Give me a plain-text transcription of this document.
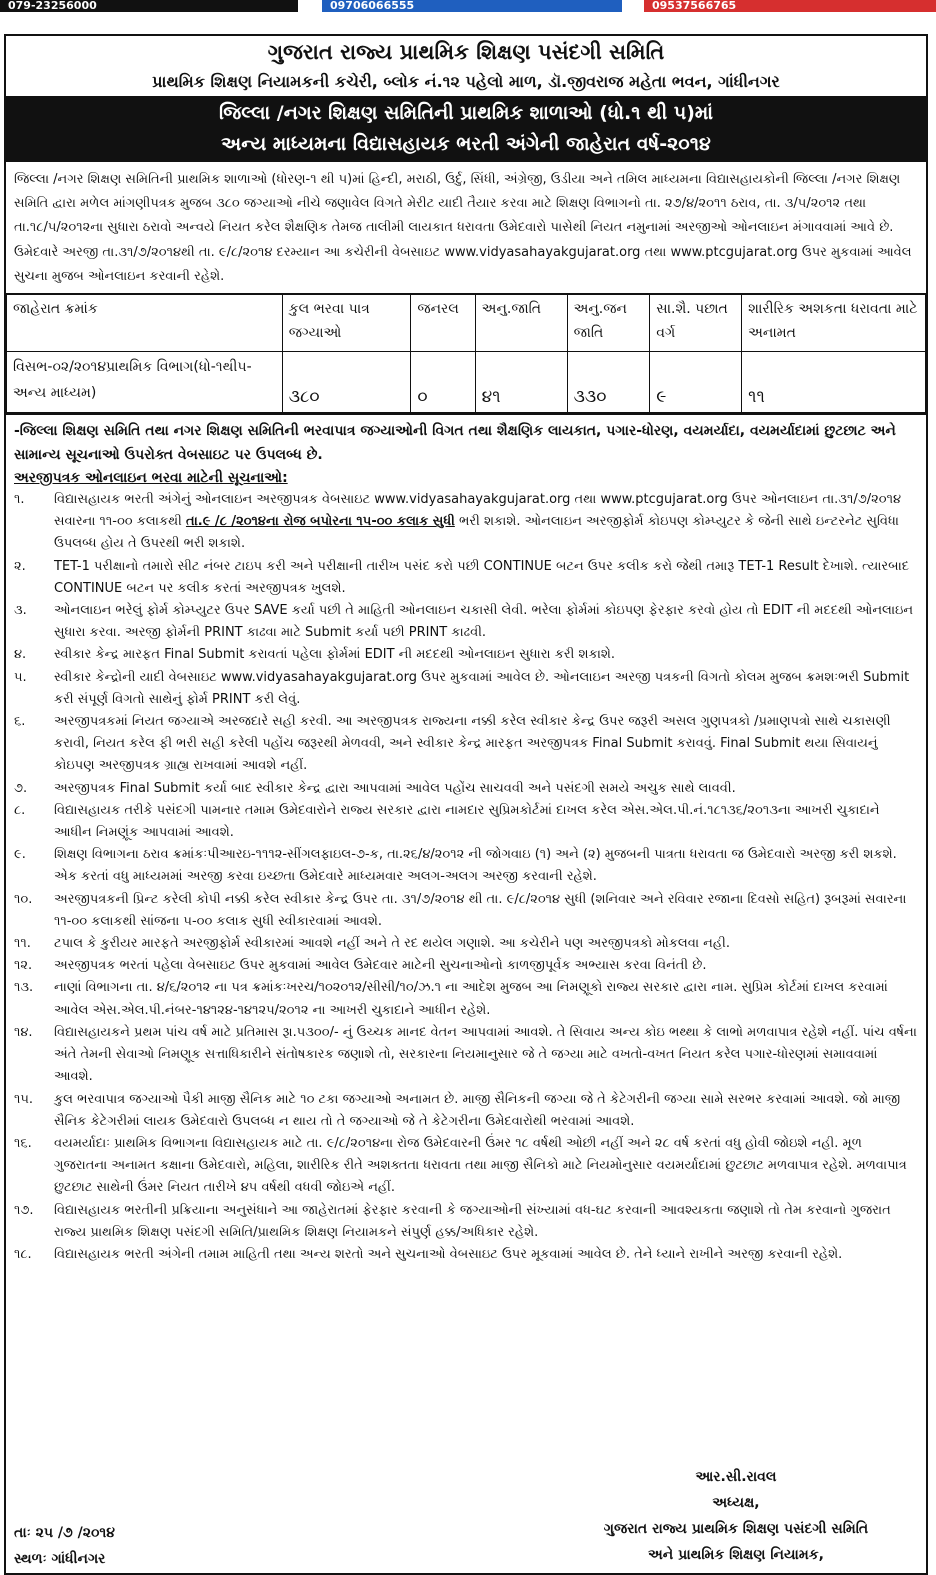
079-23256000	09706066555	09537566765
ગુજરાત રાજ્ય પ્રાથમિક શિક્ષણ પસંદગી સમિતિ
પ્રાથમિક શિક્ષણ નિયામકની કચેરી, બ્લોક નં.૧૨ પહેલો માળ, ડૉ.જીવરાજ મહેતા ભવન, ગાંધીનગર
જિલ્લા /નગર શિક્ષણ સમિતિની પ્રાથમિક શાળાઓ (ધો.૧ થી ૫)માં
અન્ય માધ્યમના વિદ્યાસહાયક ભરતી અંગેની જાહેરાત વર્ષ-૨૦૧૪
જિલ્લા /નગર શિક્ષણ સમિતિની પ્રાથમિક શાળાઓ (ધોરણ-૧ થી ૫)માં હિન્દી, મરાઠી, ઉર્દુ, સિંધી, અંગ્રેજી, ઉડીયા અને તમિલ માધ્યમના વિદ્યાસહાયકોની જિલ્લા /નગર શિક્ષણ સમિતિ દ્વારા મળેલ માંગણીપત્રક મુજબ ૩૮૦ જગ્યાઓ નીચે જણાવેલ વિગતે મેરીટ યાદી તૈયાર કરવા માટે શિક્ષણ વિભાગનો તા. ૨૭/૪/૨૦૧૧ ઠરાવ, તા. ૩/૫/૨૦૧૨ તથા તા.૧૮/૫/૨૦૧૨ના સુધારા ઠરાવો અન્વયે નિયત કરેલ શૈક્ષણિક તેમજ તાલીમી લાયકાત ધરાવતા ઉમેદવારો પાસેથી નિયત નમુનામાં અરજીઓ ઓનલાઇન મંગાવવામાં આવે છે. ઉમેદવારે અરજી તા.૩૧/૭/૨૦૧૪થી તા. ૯/૮/૨૦૧૪ દરમ્યાન આ કચેરીની વેબસાઇટ www.vidyasahayakgujarat.org તથા www.ptcgujarat.org ઉપર મુકવામાં આવેલ સુચના મુજબ ઓનલાઇન કરવાની રહેશે.
જાહેરાત ક્રમાંક	કુલ ભરવા પાત્ર જગ્યાઓ	જનરલ	અનુ.જાતિ	અનુ.જન જાતિ	સા.શૈ. પછાત વર્ગ	શારીરિક અશકતા ધરાવતા માટે અનામત
વિસભ-૦૨/૨૦૧૪પ્રાથમિક વિભાગ(ધો-૧થી૫-અન્ય માધ્યમ)	૩૮૦	૦	૪૧	૩૩૦	૯	૧૧
-જિલ્લા શિક્ષણ સમિતિ તથા નગર શિક્ષણ સમિતિની ભરવાપાત્ર જગ્યાઓની વિગત તથા શૈક્ષણિક લાયકાત, પગાર-ધોરણ, વયમર્યાદા, વયમર્યાદામાં છુટછાટ અને સામાન્ય સૂચનાઓ ઉપરોક્ત વેબસાઇટ પર ઉપલબ્ધ છે.
અરજીપત્રક ઓનલાઇન ભરવા માટેની સૂચનાઓ:
૧.	વિદ્યાસહાયક ભરતી અંગેનું ઓનલાઇન અરજીપત્રક વેબસાઇટ www.vidyasahayakgujarat.org તથા www.ptcgujarat.org ઉપર ઓનલાઇન તા.૩૧/૭/૨૦૧૪ સવારના ૧૧-૦૦ કલાકથી તા.૯ /૮ /૨૦૧૪ના રોજ બપોરના ૧૫-૦૦ કલાક સુધી ભરી શકાશે. ઓનલાઇન અરજીફોર્મ કોઇપણ કોમ્પ્યુટર કે જેની સાથે ઇન્ટરનેટ સુવિધા ઉપલબ્ધ હોય તે ઉપરથી ભરી શકાશે.
૨.	TET-1 પરીક્ષાનો તમારો સીટ નંબર ટાઇપ કરી અને પરીક્ષાની તારીખ પસંદ કરો પછી CONTINUE બટન ઉપર કલીક કરો જેથી તમારૂ TET-1 Result દેખાશે. ત્યારબાદ CONTINUE બટન પર કલીક કરતાં અરજીપત્રક ખુલશે.
૩.	ઓનલાઇન ભરેલું ફોર્મ કોમ્પ્યુટર ઉપર SAVE કર્યા પછી તે માહિતી ઓનલાઇન ચકાસી લેવી. ભરેલા ફોર્મમાં કોઇપણ ફેરફાર કરવો હોય તો EDIT ની મદદથી ઓનલાઇન સુધારા કરવા. અરજી ફોર્મની PRINT કાઢવા માટે Submit કર્યા પછી PRINT કાઢવી.
૪.	સ્વીકાર કેન્દ્ર મારફત Final Submit કરાવતાં પહેલા ફોર્મમાં EDIT ની મદદથી ઓનલાઇન સુધારા કરી શકાશે.
૫.	સ્વીકાર કેન્દ્રોની યાદી વેબસાઇટ www.vidyasahayakgujarat.org ઉપર મુકવામાં આવેલ છે. ઓનલાઇન અરજી પત્રકની વિગતો કોલમ મુજબ ક્રમશઃભરી Submit કરી સંપૂર્ણ વિગતો સાથેનું ફોર્મ PRINT કરી લેવું.
૬.	અરજીપત્રકમાં નિયત જગ્યાએ અરજદારે સહી કરવી. આ અરજીપત્રક રાજ્યના નક્કી કરેલ સ્વીકાર કેન્દ્ર ઉપર જરૂરી અસલ ગુણપત્રકો /પ્રમાણપત્રો સાથે ચકાસણી કરાવી, નિયત કરેલ ફી ભરી સહી કરેલી પહોંચ જરૂરથી મેળવવી, અને સ્વીકાર કેન્દ્ર મારફત અરજીપત્રક Final Submit કરાવવું. Final Submit થયા સિવાયનું કોઇપણ અરજીપત્રક ગ્રાહ્ય રાખવામાં આવશે નહીં.
૭.	અરજીપત્રક Final Submit કર્યા બાદ સ્વીકાર કેન્દ્ર દ્વારા આપવામાં આવેલ પહોંચ સાચવવી અને પસંદગી સમયે અચુક સાથે લાવવી.
૮.	વિદ્યાસહાયક તરીકે પસંદગી પામનાર તમામ ઉમેદવારોને રાજ્ય સરકાર દ્વારા નામદાર સુપ્રિમકોર્ટમાં દાખલ કરેલ એસ.એલ.પી.નં.૧૮૧૩૬/૨૦૧૩ના આખરી ચુકાદાને આધીન નિમણૂંક આપવામાં આવશે.
૯.	શિક્ષણ વિભાગના ઠરાવ ક્રમાંકઃપીઆરઇ-૧૧૧૨-સીંગલફાઇલ-૭-ક, તા.૨૬/૪/૨૦૧૨ ની જોગવાઇ (૧) અને (૨) મુજબની પાત્રતા ધરાવતા જ ઉમેદવારો અરજી કરી શકશે. એક કરતાં વધુ માધ્યમમાં અરજી કરવા ઇચ્છતા ઉમેદવારે માધ્યમવાર અલગ-અલગ અરજી કરવાની રહેશે.
૧૦.	અરજીપત્રકની પ્રિન્ટ કરેલી કોપી નક્કી કરેલ સ્વીકાર કેન્દ્ર ઉપર તા. ૩૧/૭/૨૦૧૪ થી તા. ૯/૮/૨૦૧૪ સુધી (શનિવાર અને રવિવાર રજાના દિવસો સહિત) રૂબરૂમાં સવારના ૧૧-૦૦ કલાકથી સાંજના ૫-૦૦ કલાક સુધી સ્વીકારવામાં આવશે.
૧૧.	ટપાલ કે કુરીયર મારફતે અરજીફોર્મ સ્વીકારમાં આવશે નહીં અને તે રદ થયેલ ગણાશે. આ કચેરીને પણ અરજીપત્રકો મોકલવા નહી.
૧૨.	અરજીપત્રક ભરતાં પહેલા વેબસાઇટ ઉપર મુકવામાં આવેલ ઉમેદવાર માટેની સુચનાઓનો કાળજીપૂર્વક અભ્યાસ કરવા વિનંતી છે.
૧૩.	નાણાં વિભાગના તા. ૪/૬/૨૦૧૨ ના પત્ર ક્રમાંકઃખરચ/૧૦૨૦૧૨/સીસી/૧૦/ઝ.૧ ના આદેશ મુજબ આ નિમણૂકો રાજ્ય સરકાર દ્વારા નામ. સુપ્રિમ કોર્ટમાં દાખલ કરવામાં આવેલ એસ.એલ.પી.નંબર-૧૪૧૨૪-૧૪૧૨૫/૨૦૧૨ ના આખરી ચુકાદાને આધીન રહેશે.
૧૪.	વિદ્યાસહાયકને પ્રથમ પાંચ વર્ષ માટે પ્રતિમાસ રૂા.૫૩૦૦/- નું ઉચ્ચક માનદ વેતન આપવામાં આવશે. તે સિવાય અન્ય કોઇ ભથ્થા કે લાભો મળવાપાત્ર રહેશે નહીં. પાંચ વર્ષના અંતે તેમની સેવાઓ નિમણૂક સત્તાધિકારીને સંતોષકારક જણાશે તો, સરકારના નિયમાનુસાર જે તે જગ્યા માટે વખતો-વખત નિયત કરેલ પગાર-ધોરણમાં સમાવવામાં આવશે.
૧૫.	કુલ ભરવાપાત્ર જગ્યાઓ પૈકી માજી સૈનિક માટે ૧૦ ટકા જગ્યાઓ અનામત છે. માજી સૈનિકની જગ્યા જે તે કેટેગરીની જગ્યા સામે સરભર કરવામાં આવશે. જો માજી સૈનિક કેટેગરીમાં લાયક ઉમેદવારો ઉપલબ્ધ ન થાય તો તે જગ્યાઓ જે તે કેટેગરીના ઉમેદવારોથી ભરવામાં આવશે.
૧૬.	વયમર્યાદાઃ પ્રાથમિક વિભાગના વિદ્યાસહાયક માટે તા. ૯/૮/૨૦૧૪ના રોજ ઉમેદવારની ઉંમર ૧૮ વર્ષથી ઓછી નહીં અને ૨૮ વર્ષ કરતાં વધુ હોવી જોઇશે નહી. મૂળ ગુજરાતના અનામત કક્ષાના ઉમેદવારો, મહિલા, શારીરિક રીતે અશક્તતા ધરાવતા તથા માજી સૈનિકો માટે નિયમોનુસાર વયમર્યાદામાં છુટછાટ મળવાપાત્ર રહેશે. મળવાપાત્ર છુટછાટ સાથેની ઉંમર નિયત તારીખે ૪૫ વર્ષથી વધવી જોઇએ નહીં.
૧૭.	વિદ્યાસહાયક ભરતીની પ્રક્રિયાના અનુસંધાને આ જાહેરાતમાં ફેરફાર કરવાની કે જગ્યાઓની સંખ્યામાં વધ-ઘટ કરવાની આવશ્યકતા જણાશે તો તેમ કરવાનો ગુજરાત રાજ્ય પ્રાથમિક શિક્ષણ પસંદગી સમિતિ/પ્રાથમિક શિક્ષણ નિયામકને સંપુર્ણ હક્ક/અધિકાર રહેશે.
૧૮.	વિદ્યાસહાયક ભરતી અંગેની તમામ માહિતી તથા અન્ય શરતો અને સુચનાઓ વેબસાઇટ ઉપર મૂકવામાં આવેલ છે. તેને ધ્યાને રાખીને અરજી કરવાની રહેશે.
આર.સી.રાવલ
અધ્યક્ષ,
ગુજરાત રાજ્ય પ્રાથમિક શિક્ષણ પસંદગી સમિતિ
અને પ્રાથમિક શિક્ષણ નિયામક,
તાઃ ૨૫ /૭ /૨૦૧૪
સ્થળઃ ગાંધીનગર
